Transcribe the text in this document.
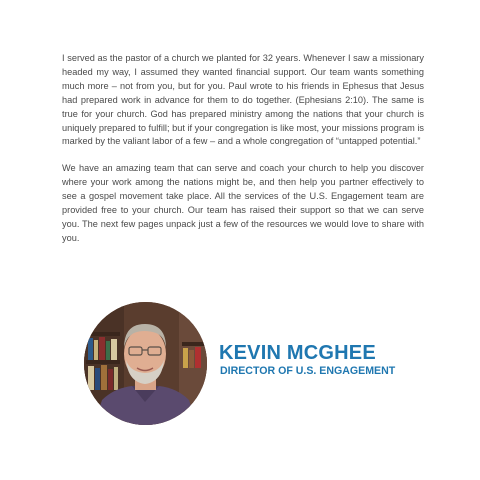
I served as the pastor of a church we planted for 32 years. Whenever I saw a missionary headed my way, I assumed they wanted financial support. Our team wants something much more – not from you, but for you. Paul wrote to his friends in Ephesus that Jesus had prepared work in advance for them to do together. (Ephesians 2:10). The same is true for your church. God has prepared ministry among the nations that your church is uniquely prepared to fulfill; but if your congregation is like most, your missions program is marked by the valiant labor of a few – and a whole congregation of “untapped potential.”

We have an amazing team that can serve and coach your church to help you discover where your work among the nations might be, and then help you partner effectively to see a gospel movement take place. All the services of the U.S. Engagement team are provided free to your church. Our team has raised their support so that we can serve you. The next few pages unpack just a few of the resources we would love to share with you.

KEVIN MCGHEE
DIRECTOR OF U.S. ENGAGEMENT
